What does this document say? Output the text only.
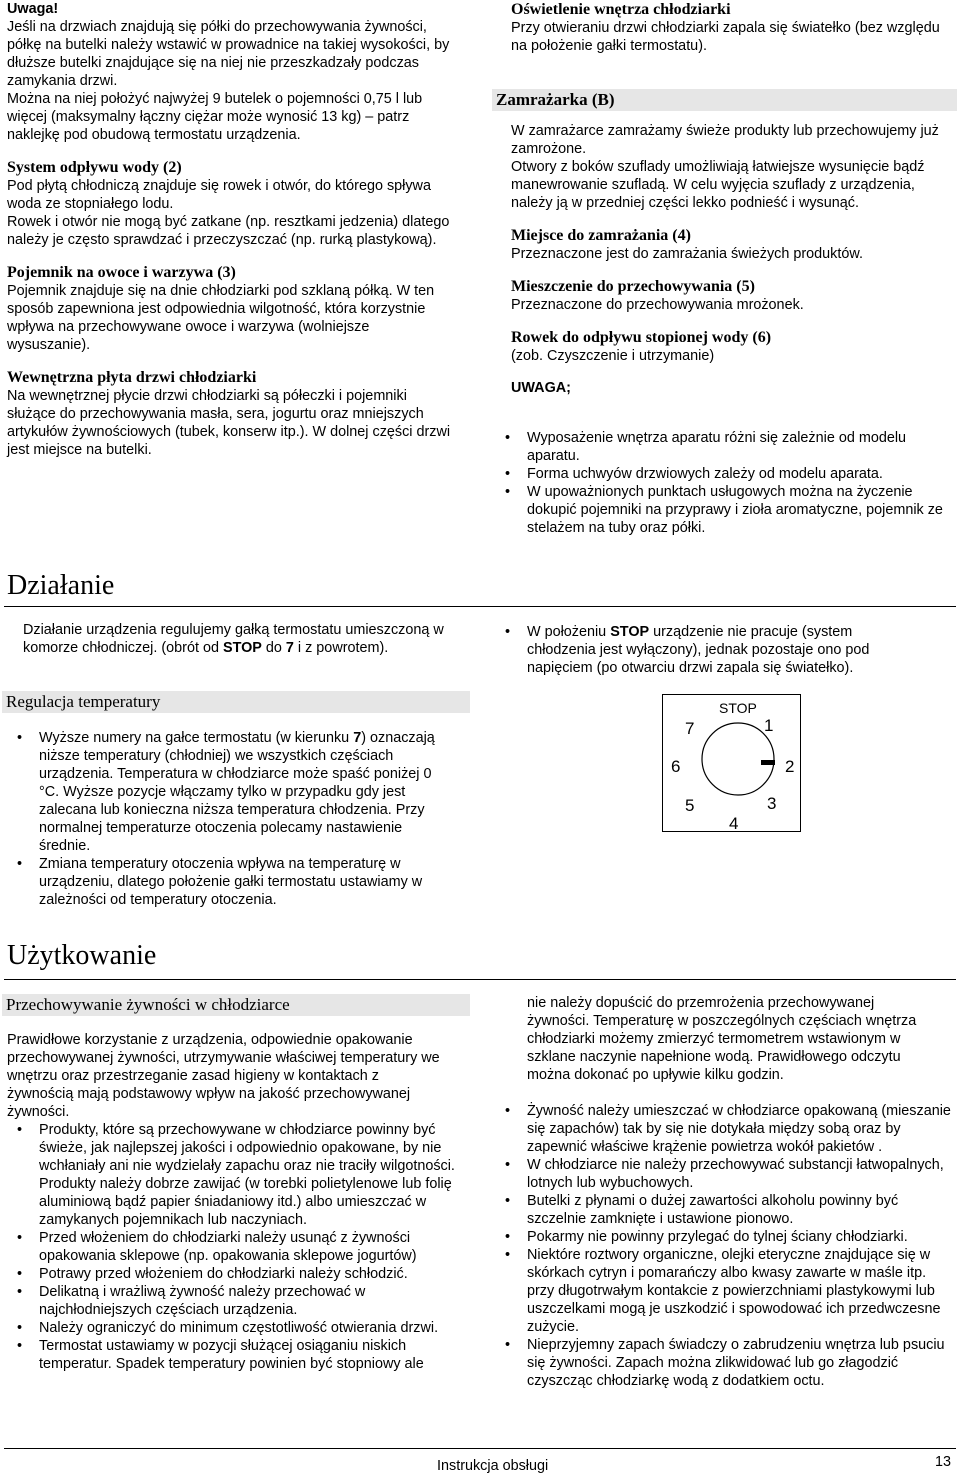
Uwaga!

Jeśli na drzwiach znajdują się półki do przechowywania żywności, półkę na butelki należy wstawić w prowadnice na takiej wysokości, by dłuższe butelki znajdujące się na niej nie przeszkadzały podczas zamykania drzwi.

Można na niej położyć najwyżej 9 butelek o pojemności 0,75 l lub więcej (maksymalny łączny ciężar może wynosić 13 kg) – patrz naklejkę pod obudową termostatu urządzenia.

System odpływu wody (2)

Pod płytą chłodniczą znajduje się rowek i otwór, do którego spływa woda ze stopniałego lodu.

Rowek i otwór nie mogą być zatkane (np. resztkami jedzenia) dlatego należy je często sprawdzać i przeczyszczać (np. rurką plastykową).

Pojemnik na owoce i warzywa (3)

Pojemnik znajduje się na dnie chłodziarki pod szklaną półką. W ten sposób zapewniona jest odpowiednia wilgotność, która korzystnie wpływa na przechowywane owoce i warzywa (wolniejsze wysuszanie).

Wewnętrzna płyta drzwi chłodziarki

Na wewnętrznej płycie drzwi chłodziarki są półeczki i pojemniki służące do przechowywania masła, sera, jogurtu oraz mniejszych artykułów żywnościowych (tubek, konserw itp.). W dolnej części drzwi jest miejsce na butelki.

Oświetlenie wnętrza chłodziarki

Przy otwieraniu drzwi chłodziarki zapala się światełko (bez względu na położenie gałki termostatu).

Zamrażarka (B)

W zamrażarce zamrażamy świeże produkty lub przechowujemy już zamrożone.

Otwory z boków szuflady umożliwiają łatwiejsze wysunięcie bądź manewrowanie szufladą. W celu wyjęcia szuflady z urządzenia, należy ją w przedniej części lekko podnieść i wysunąć.

Miejsce do zamrażania (4)

Przeznaczone jest do zamrażania świeżych produktów.

Mieszczenie do przechowywania (5)

Przeznaczone do przechowywania mrożonek.

Rowek do odpływu stopionej wody (6)

(zob. Czyszczenie i utrzymanie)

UWAGA;

• Wyposażenie wnętrza aparatu różni się zależnie od modelu aparatu.
• Forma uchwyów drzwiowych zależy od modelu aparata.
• W upoważnionych punktach usługowych można na życzenie dokupić pojemniki na przyprawy i zioła aromatyczne, pojemnik ze stelażem na tuby oraz półki.
Działanie

Działanie urządzenia regulujemy gałką termostatu umieszczoną w komorze chłodniczej. (obrót od STOP do 7 i z powrotem).

• W położeniu STOP urządzenie nie pracuje (system chłodzenia jest wyłączony), jednak pozostaje ono pod napięciem (po otwarciu drzwi zapala się światełko).
Regulacja temperatury
• Wyższe numery na gałce termostatu (w kierunku 7) oznaczają niższe temperatury (chłodniej) we wszystkich częściach urządzenia. Temperatura w chłodziarce może spaść poniżej 0 °C. Wyższe pozycje włączamy tylko w przypadku gdy jest zalecana lub konieczna niższa temperatura chłodzenia. Przy normalnej temperaturze otoczenia polecamy nastawienie średnie.
• Zmiana temperatury otoczenia wpływa na temperaturę w urządzeniu, dlatego położenie gałki termostatu ustawiamy w zależności od temperatury otoczenia.
STOP
1
2
3
4
5
6
7
Użytkowanie
Przechowywanie żywności w chłodziarce

Prawidłowe korzystanie z urządzenia, odpowiednie opakowanie przechowywanej żywności, utrzymywanie właściwej temperatury we wnętrzu oraz przestrzeganie zasad higieny w kontaktach z żywnością mają podstawowy wpływ na jakość przechowywanej żywności.

• Produkty, które są przechowywane w chłodziarce powinny być świeże, jak najlepszej jakości i odpowiednio opakowane, by nie wchłaniały ani nie wydzielały zapachu oraz nie traciły wilgotności. Produkty należy dobrze zawijać (w torebki polietylenowe lub folię aluminiową bądź papier śniadaniowy itd.) albo umieszczać w zamykanych pojemnikach lub naczyniach.
• Przed włożeniem do chłodziarki należy usunąć z żywności opakowania sklepowe (np. opakowania sklepowe jogurtów)
• Potrawy przed włożeniem do chłodziarki należy schłodzić.
• Delikatną i wrażliwą żywność należy przechować w najchłodniejszych częściach urządzenia.
• Należy ograniczyć do minimum częstotliwość otwierania drzwi.
• Termostat ustawiamy w pozycji służącej osiąganiu niskich temperatur. Spadek temperatury powinien być stopniowy ale

nie należy dopuścić do przemrożenia przechowywanej żywności. Temperaturę w poszczególnych częściach wnętrza chłodziarki możemy zmierzyć termometrem wstawionym w szklane naczynie napełnione wodą. Prawidłowego odczytu można dokonać po upływie kilku godzin.

• Żywność należy umieszczać w chłodziarce opakowaną (mieszanie się zapachów) tak by się nie dotykała między sobą oraz by zapewnić właściwe krążenie powietrza wokół pakietów .
• W chłodziarce nie należy przechowywać substancji łatwopalnych, lotnych lub wybuchowych.
• Butelki z płynami o dużej zawartości alkoholu powinny być szczelnie zamknięte i ustawione pionowo.
• Pokarmy nie powinny przylegać do tylnej ściany chłodziarki.
• Niektóre roztwory organiczne, olejki eteryczne znajdujące się w skórkach cytryn i pomarańczy albo kwasy zawarte w maśle itp. przy długotrwałym kontakcie z powierzchniami plastykowymi lub uszczelkami mogą je uszkodzić i spowodować ich przedwczesne zużycie.
• Nieprzyjemny zapach świadczy o zabrudzeniu wnętrza lub psuciu się żywności. Zapach można zlikwidować lub go złagodzić czyszcząc chłodziarkę wodą z dodatkiem octu.
Instrukcja obsługi	13
